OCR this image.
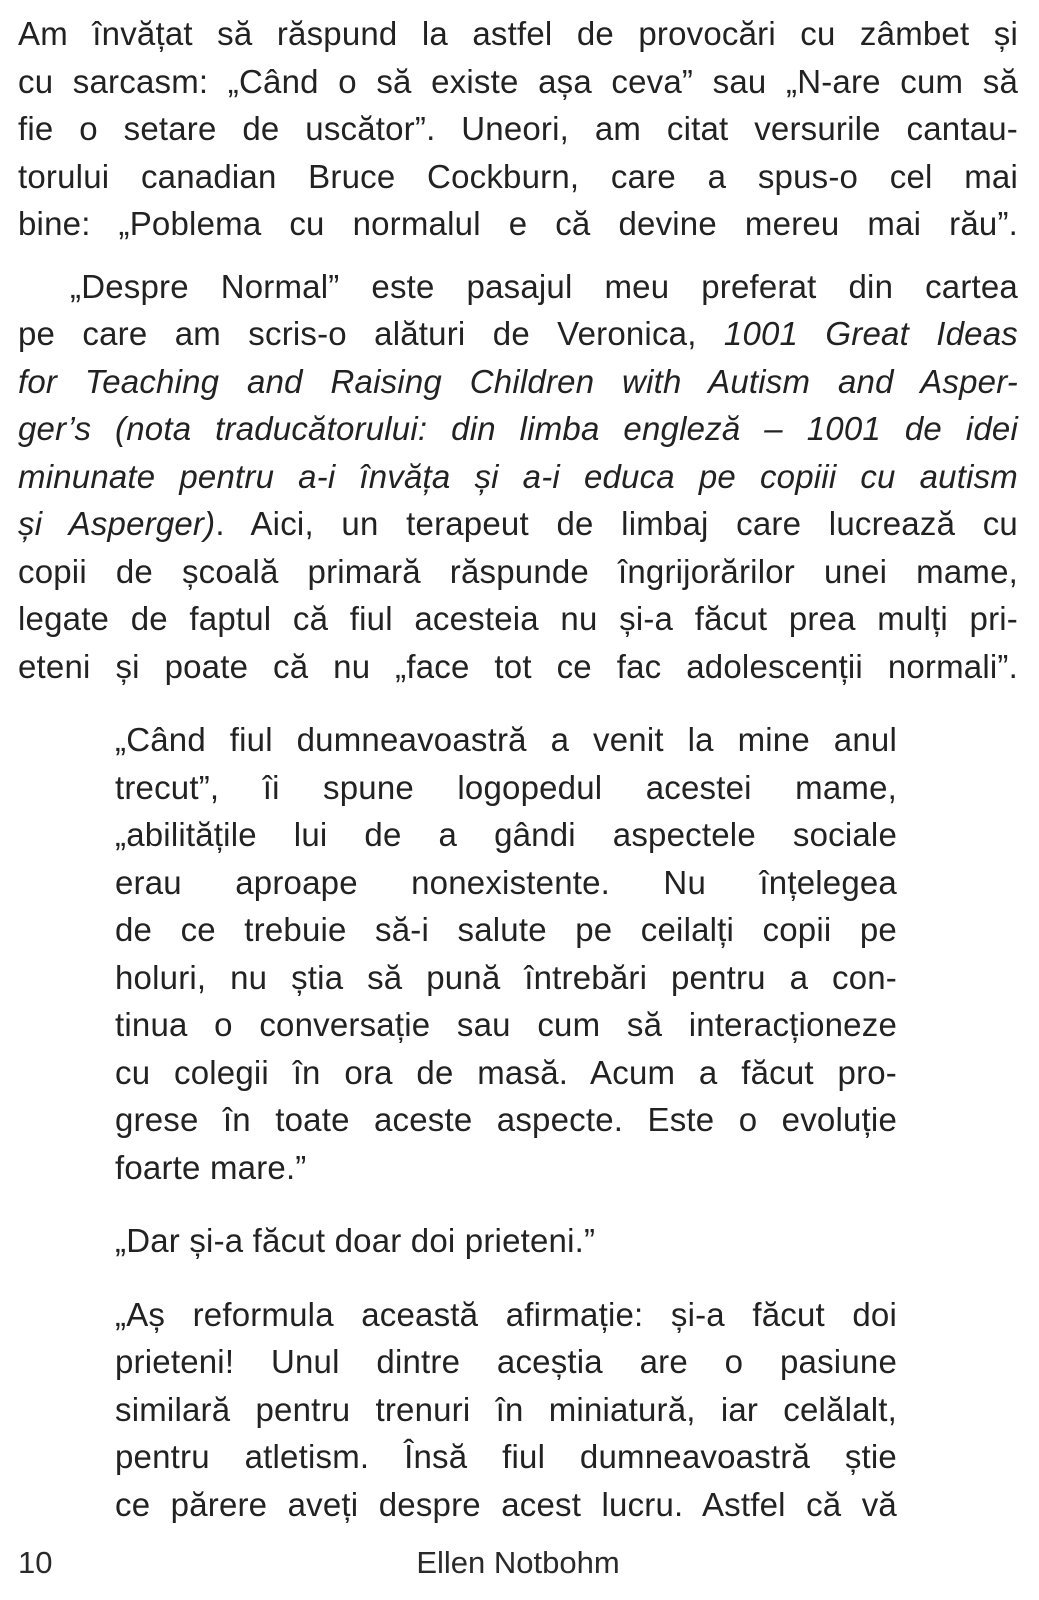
Am învățat să răspund la astfel de provocări cu zâmbet și
cu sarcasm: „Când o să existe așa ceva” sau „N-are cum să
fie o setare de uscător”. Uneori, am citat versurile cantau-
torului canadian Bruce Cockburn, care a spus-o cel mai
bine: „Poblema cu normalul e că devine mereu mai rău”.
„Despre Normal” este pasajul meu preferat din cartea
pe care am scris-o alături de Veronica, 1001 Great Ideas
for Teaching and Raising Children with Autism and Asper-
ger’s (nota traducătorului: din limba engleză – 1001 de idei
minunate pentru a-i învăța și a-i educa pe copiii cu autism
și Asperger). Aici, un terapeut de limbaj care lucrează cu
copii de școală primară răspunde îngrijorărilor unei mame,
legate de faptul că fiul acesteia nu și-a făcut prea mulți pri-
eteni și poate că nu „face tot ce fac adolescenții normali”.
„Când fiul dumneavoastră a venit la mine anul
trecut”, îi spune logopedul acestei mame,
„abilitățile lui de a gândi aspectele sociale
erau aproape nonexistente. Nu înțelegea
de ce trebuie să-i salute pe ceilalți copii pe
holuri, nu știa să pună întrebări pentru a con-
tinua o conversație sau cum să interacționeze
cu colegii în ora de masă. Acum a făcut pro-
grese în toate aceste aspecte. Este o evoluție
foarte mare.”
„Dar și-a făcut doar doi prieteni.”
„Aș reformula această afirmație: și-a făcut doi
prieteni! Unul dintre aceștia are o pasiune
similară pentru trenuri în miniatură, iar celălalt,
pentru atletism. Însă fiul dumneavoastră știe
ce părere aveți despre acest lucru. Astfel că vă
10	Ellen Notbohm
